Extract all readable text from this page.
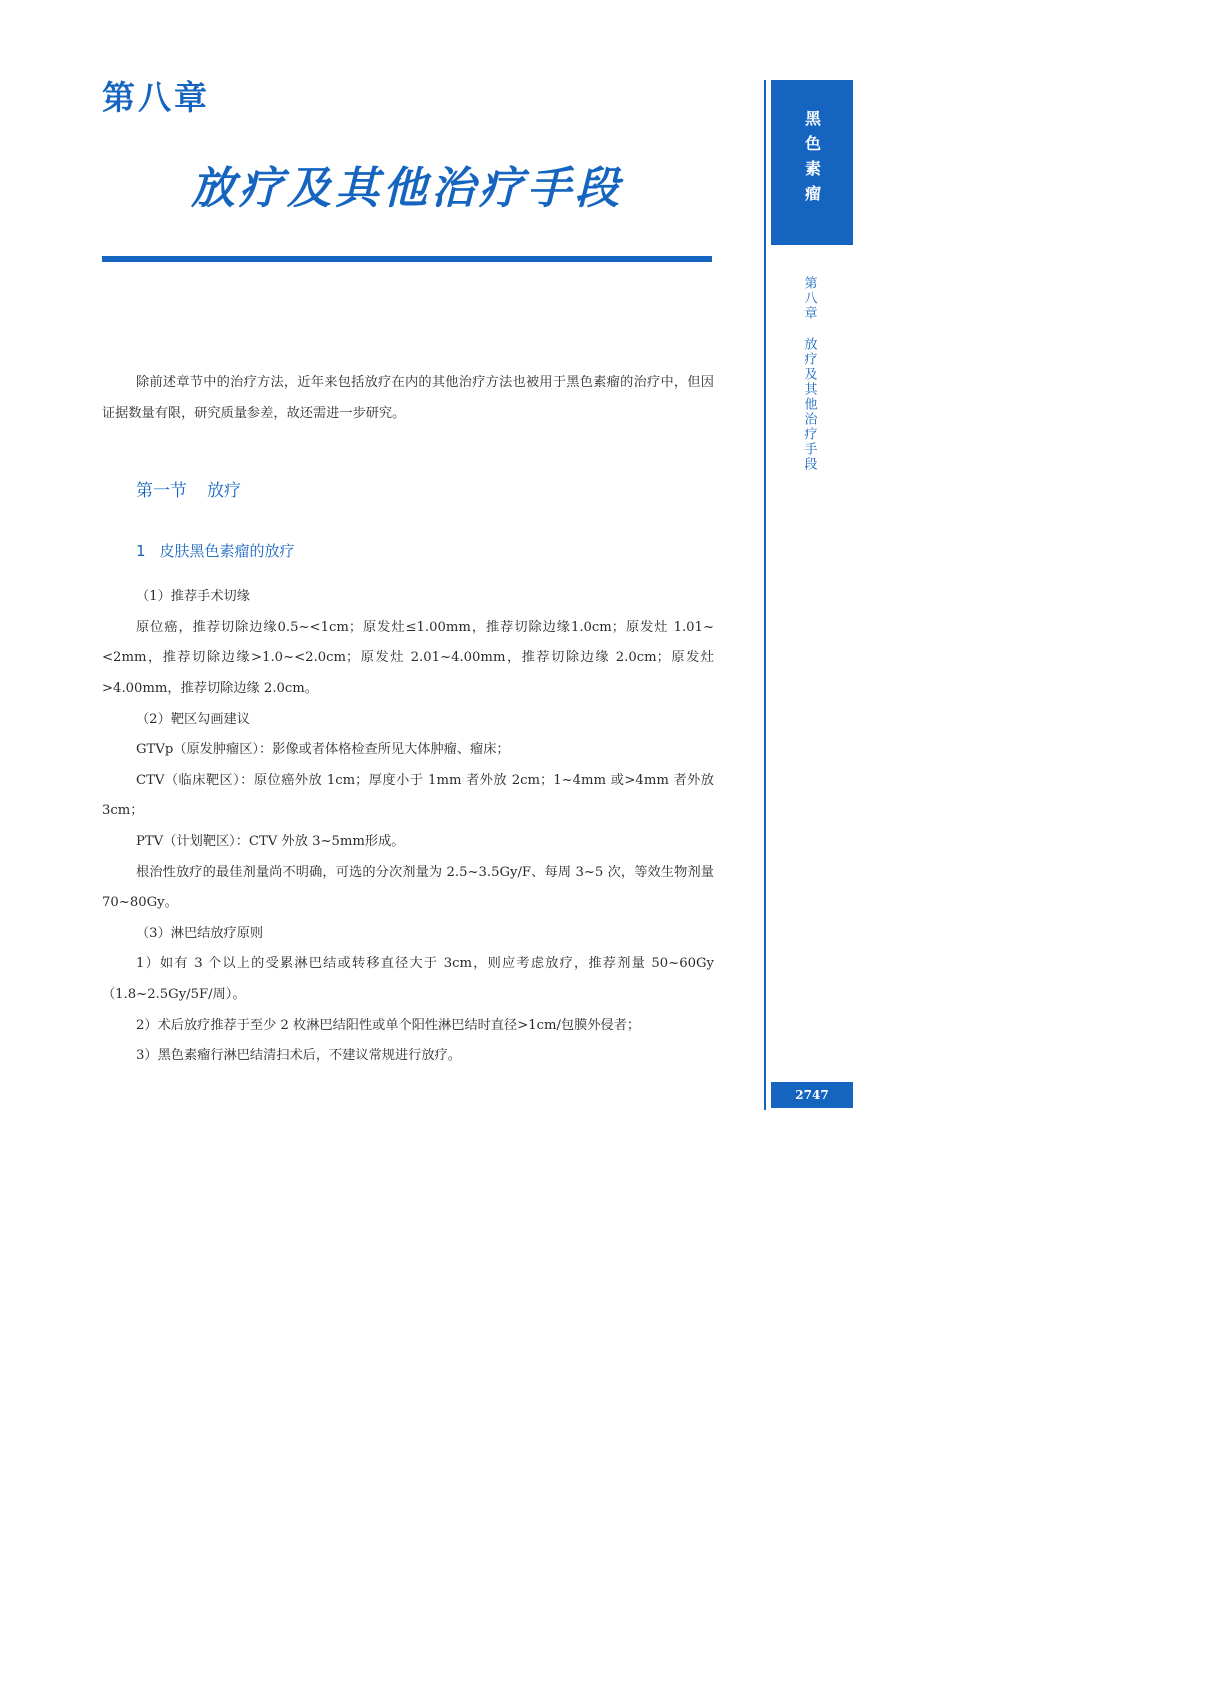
第八章
放疗及其他治疗手段	黑色素瘤
第八章
放疗及其他治疗手段
2747

除前述章节中的治疗方法，近年来包括放疗在内的其他治疗方法也被用于黑色素瘤的治疗中，但因证据数量有限，研究质量参差，故还需进一步研究。

第一节 放疗
1 皮肤黑色素瘤的放疗

（1）推荐手术切缘

原位癌，推荐切除边缘0.5~<1cm；原发灶≤1.00mm，推荐切除边缘1.0cm；原发灶 1.01~<2mm，推荐切除边缘>1.0~<2.0cm；原发灶 2.01~4.00mm，推荐切除边缘 2.0cm；原发灶>4.00mm，推荐切除边缘 2.0cm。

（2）靶区勾画建议

GTVp（原发肿瘤区）：影像或者体格检查所见大体肿瘤、瘤床；

CTV（临床靶区）：原位癌外放 1cm；厚度小于 1mm 者外放 2cm；1~4mm 或>4mm 者外放 3cm；

PTV（计划靶区）：CTV 外放 3~5mm形成。

根治性放疗的最佳剂量尚不明确，可选的分次剂量为 2.5~3.5Gy/F、每周 3~5 次，等效生物剂量 70~80Gy。

（3）淋巴结放疗原则

1）如有 3 个以上的受累淋巴结或转移直径大于 3cm，则应考虑放疗，推荐剂量 50~60Gy（1.8~2.5Gy/5F/周）。

2）术后放疗推荐于至少 2 枚淋巴结阳性或单个阳性淋巴结时直径>1cm/包膜外侵者；

3）黑色素瘤行淋巴结清扫术后，不建议常规进行放疗。
